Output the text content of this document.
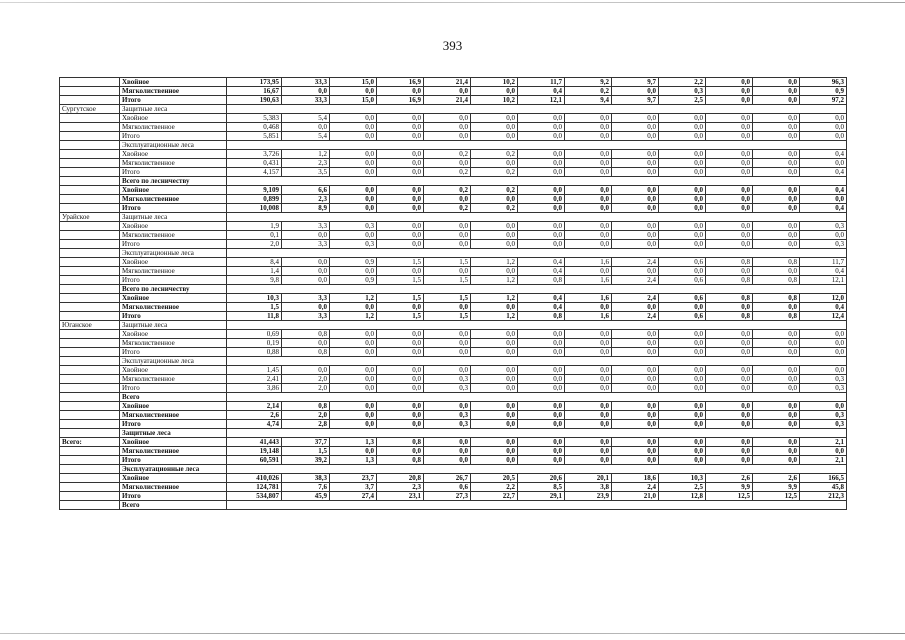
393
	Хвойное	173,95	33,3	15,0	16,9	21,4	10,2	11,7	9,2	9,7	2,2	0,0	0,0	96,3
	Мягколиственное	16,67	0,0	0,0	0,0	0,0	0,0	0,4	0,2	0,0	0,3	0,0	0,0	0,9
	Итого	190,63	33,3	15,0	16,9	21,4	10,2	12,1	9,4	9,7	2,5	0,0	0,0	97,2
Сургутское	Защитные леса													
	Хвойное	5,383	5,4	0,0	0,0	0,0	0,0	0,0	0,0	0,0	0,0	0,0	0,0	0,0
	Мягколиственное	0,468	0,0	0,0	0,0	0,0	0,0	0,0	0,0	0,0	0,0	0,0	0,0	0,0
	Итого	5,851	5,4	0,0	0,0	0,0	0,0	0,0	0,0	0,0	0,0	0,0	0,0	0,0
	Эксплуатационные леса													
	Хвойное	3,726	1,2	0,0	0,0	0,2	0,2	0,0	0,0	0,0	0,0	0,0	0,0	0,4
	Мягколиственное	0,431	2,3	0,0	0,0	0,0	0,0	0,0	0,0	0,0	0,0	0,0	0,0	0,0
	Итого	4,157	3,5	0,0	0,0	0,2	0,2	0,0	0,0	0,0	0,0	0,0	0,0	0,4
	Всего по лесничеству													
	Хвойное	9,109	6,6	0,0	0,0	0,2	0,2	0,0	0,0	0,0	0,0	0,0	0,0	0,4
	Мягколиственное	0,899	2,3	0,0	0,0	0,0	0,0	0,0	0,0	0,0	0,0	0,0	0,0	0,0
	Итого	10,008	8,9	0,0	0,0	0,2	0,2	0,0	0,0	0,0	0,0	0,0	0,0	0,4
Урайское	Защитные леса													
	Хвойное	1,9	3,3	0,3	0,0	0,0	0,0	0,0	0,0	0,0	0,0	0,0	0,0	0,3
	Мягколиственное	0,1	0,0	0,0	0,0	0,0	0,0	0,0	0,0	0,0	0,0	0,0	0,0	0,0
	Итого	2,0	3,3	0,3	0,0	0,0	0,0	0,0	0,0	0,0	0,0	0,0	0,0	0,3
	Эксплуатационные леса													
	Хвойное	8,4	0,0	0,9	1,5	1,5	1,2	0,4	1,6	2,4	0,6	0,8	0,8	11,7
	Мягколиственное	1,4	0,0	0,0	0,0	0,0	0,0	0,4	0,0	0,0	0,0	0,0	0,0	0,4
	Итого	9,8	0,0	0,9	1,5	1,5	1,2	0,8	1,6	2,4	0,6	0,8	0,8	12,1
	Всего по лесничеству													
	Хвойное	10,3	3,3	1,2	1,5	1,5	1,2	0,4	1,6	2,4	0,6	0,8	0,8	12,0
	Мягколиственное	1,5	0,0	0,0	0,0	0,0	0,0	0,4	0,0	0,0	0,0	0,0	0,0	0,4
	Итого	11,8	3,3	1,2	1,5	1,5	1,2	0,8	1,6	2,4	0,6	0,8	0,8	12,4
Юганское	Защитные леса													
	Хвойное	0,69	0,8	0,0	0,0	0,0	0,0	0,0	0,0	0,0	0,0	0,0	0,0	0,0
	Мягколиственное	0,19	0,0	0,0	0,0	0,0	0,0	0,0	0,0	0,0	0,0	0,0	0,0	0,0
	Итого	0,88	0,8	0,0	0,0	0,0	0,0	0,0	0,0	0,0	0,0	0,0	0,0	0,0
	Эксплуатационные леса													
	Хвойное	1,45	0,0	0,0	0,0	0,0	0,0	0,0	0,0	0,0	0,0	0,0	0,0	0,0
	Мягколиственное	2,41	2,0	0,0	0,0	0,3	0,0	0,0	0,0	0,0	0,0	0,0	0,0	0,3
	Итого	3,86	2,0	0,0	0,0	0,3	0,0	0,0	0,0	0,0	0,0	0,0	0,0	0,3
	Всего													
	Хвойное	2,14	0,8	0,0	0,0	0,0	0,0	0,0	0,0	0,0	0,0	0,0	0,0	0,0
	Мягколиственное	2,6	2,0	0,0	0,0	0,3	0,0	0,0	0,0	0,0	0,0	0,0	0,0	0,3
	Итого	4,74	2,8	0,0	0,0	0,3	0,0	0,0	0,0	0,0	0,0	0,0	0,0	0,3
	Защитные леса													
Всего:	Хвойное	41,443	37,7	1,3	0,8	0,0	0,0	0,0	0,0	0,0	0,0	0,0	0,0	2,1
	Мягколиственное	19,148	1,5	0,0	0,0	0,0	0,0	0,0	0,0	0,0	0,0	0,0	0,0	0,0
	Итого	60,591	39,2	1,3	0,8	0,0	0,0	0,0	0,0	0,0	0,0	0,0	0,0	2,1
	Эксплуатационные леса													
	Хвойное	410,026	38,3	23,7	20,8	26,7	20,5	20,6	20,1	18,6	10,3	2,6	2,6	166,5
	Мягколиственное	124,781	7,6	3,7	2,3	0,6	2,2	8,5	3,8	2,4	2,5	9,9	9,9	45,8
	Итого	534,807	45,9	27,4	23,1	27,3	22,7	29,1	23,9	21,0	12,8	12,5	12,5	212,3
	Всего													
